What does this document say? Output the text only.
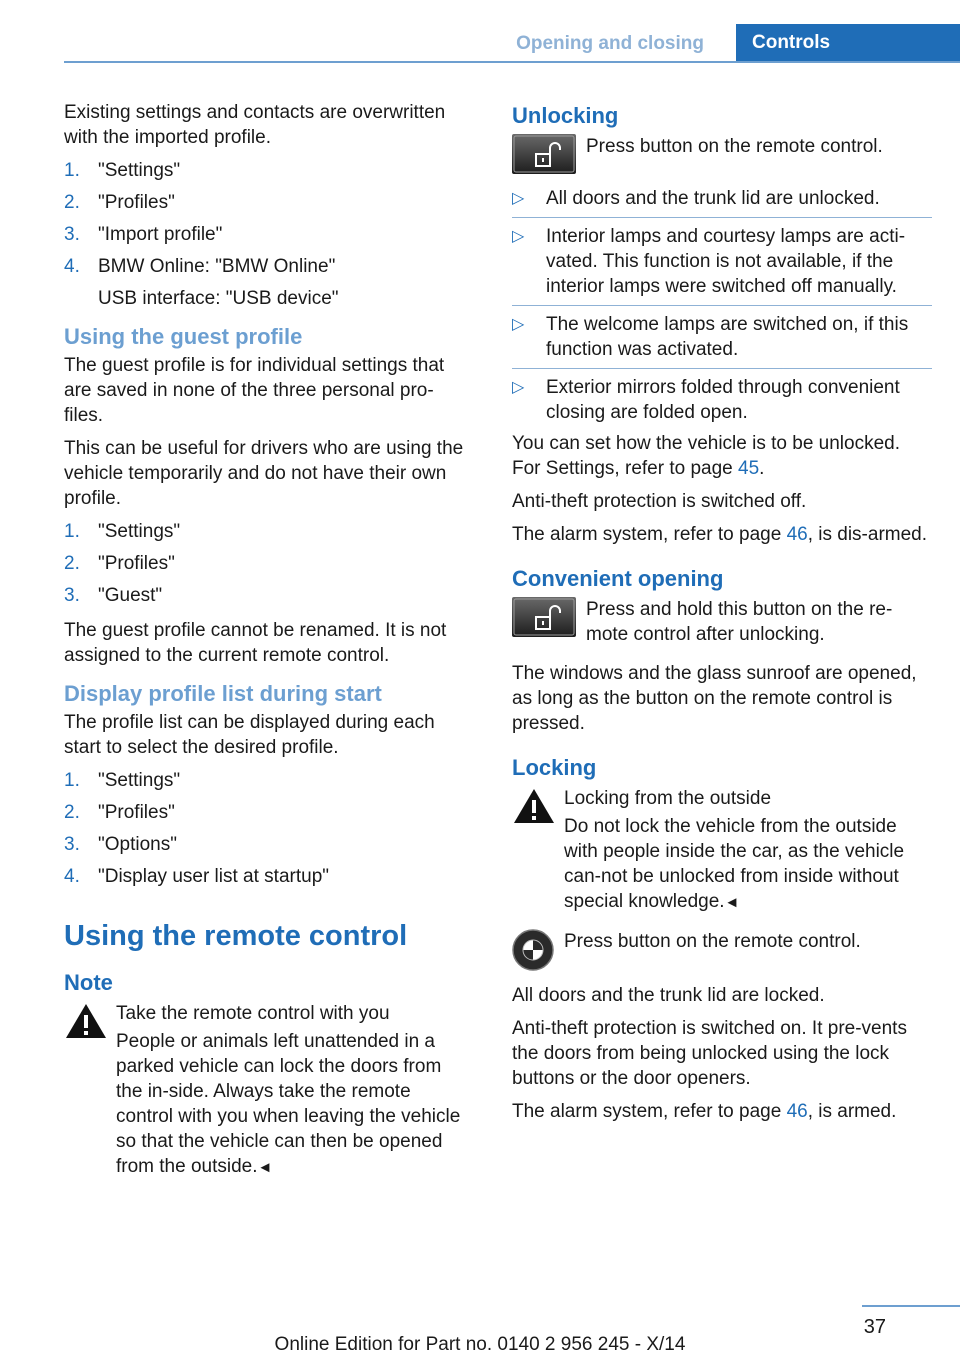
Opening and closing	Controls

Existing settings and contacts are overwritten with the imported profile.

1. "Settings"
2. "Profiles"
3. "Import profile"
4. BMW Online: "BMW Online"
USB interface: "USB device"
Using the guest profile

The guest profile is for individual settings that are saved in none of the three personal pro‐files.

This can be useful for drivers who are using the vehicle temporarily and do not have their own profile.

1. "Settings"
2. "Profiles"
3. "Guest"

The guest profile cannot be renamed. It is not assigned to the current remote control.

Display profile list during start

The profile list can be displayed during each start to select the desired profile.

1. "Settings"
2. "Profiles"
3. "Options"
4. "Display user list at startup"
Using the remote control
Note

Take the remote control with you

People or animals left unattended in a parked vehicle can lock the doors from the in‐side. Always take the remote control with you when leaving the vehicle so that the vehicle can then be opened from the outside.◄

Unlocking
Press button on the remote control.
▷ All doors and the trunk lid are unlocked.
▷ Interior lamps and courtesy lamps are acti‐vated. This function is not available, if the interior lamps were switched off manually.
▷ The welcome lamps are switched on, if this function was activated.
▷ Exterior mirrors folded through convenient closing are folded open.

You can set how the vehicle is to be unlocked. For Settings, refer to page 45.

Anti-theft protection is switched off.

The alarm system, refer to page 46, is dis‐armed.

Convenient opening
Press and hold this button on the re‐mote control after unlocking.

The windows and the glass sunroof are opened, as long as the button on the remote control is pressed.

Locking

Locking from the outside

Do not lock the vehicle from the outside with people inside the car, as the vehicle can‐not be unlocked from inside without special knowledge.◄

Press button on the remote control.

All doors and the trunk lid are locked.

Anti-theft protection is switched on. It pre‐vents the doors from being unlocked using the lock buttons or the door openers.

The alarm system, refer to page 46, is armed.

37
Online Edition for Part no. 0140 2 956 245 - X/14
